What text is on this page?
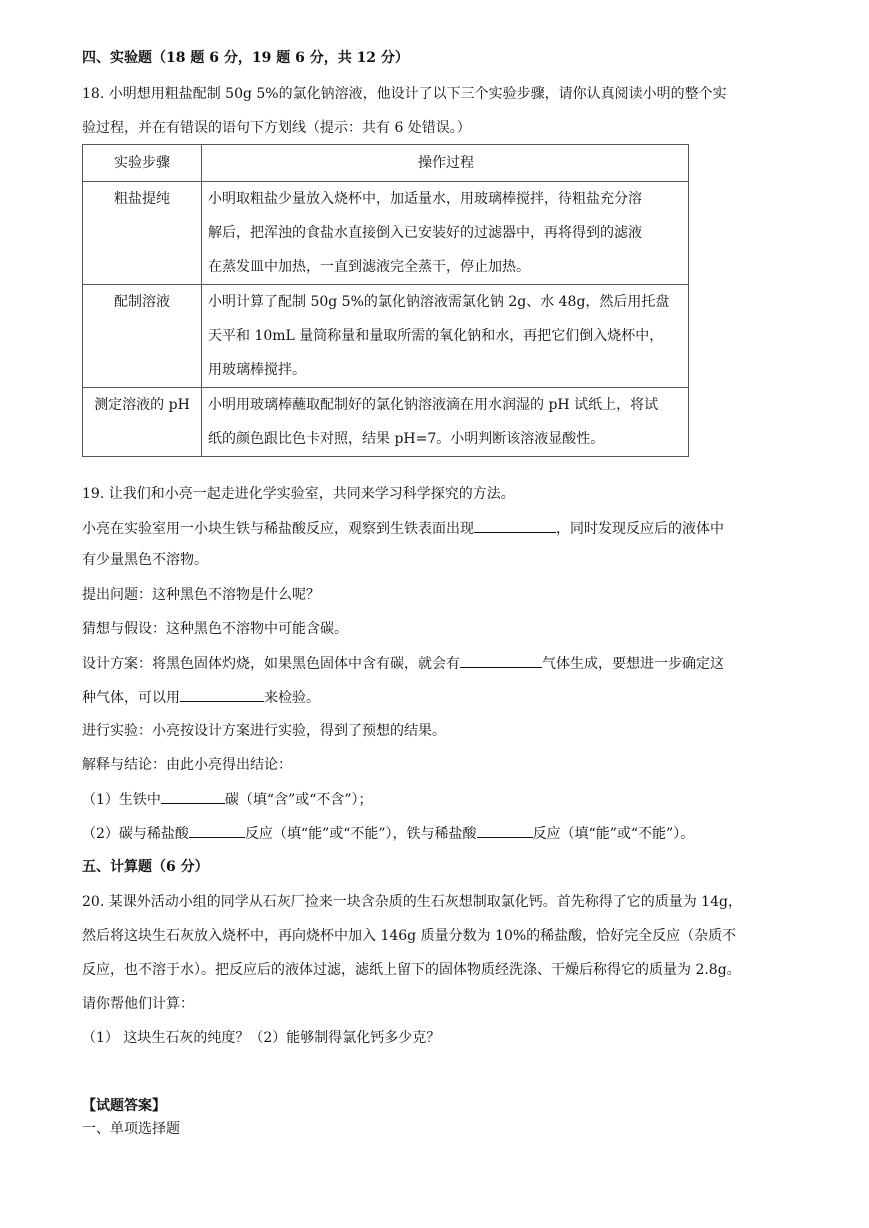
四、实验题（18 题 6 分，19 题 6 分，共 12 分）
18. 小明想用粗盐配制 50g 5%的氯化钠溶液，他设计了以下三个实验步骤，请你认真阅读小明的整个实
验过程，并在有错误的语句下方划线（提示：共有 6 处错误。）
实验步骤	操作过程

粗盐提纯	小明取粗盐少量放入烧杯中，加适量水，用玻璃棒搅拌，待粗盐充分溶
解后，把浑浊的食盐水直接倒入已安装好的过滤器中，再将得到的滤液
在蒸发皿中加热，一直到滤液完全蒸干，停止加热。

配制溶液	小明计算了配制 50g 5%的氯化钠溶液需氯化钠 2g、水 48g，然后用托盘
天平和 10mL 量筒称量和量取所需的氧化钠和水，再把它们倒入烧杯中，
用玻璃棒搅拌。

测定溶液的 pH	小明用玻璃棒蘸取配制好的氯化钠溶液滴在用水润湿的 pH 试纸上，将试
纸的颜色跟比色卡对照，结果 pH=7。小明判断该溶液显酸性。
19. 让我们和小亮一起走进化学实验室，共同来学习科学探究的方法。
小亮在实验室用一小块生铁与稀盐酸反应，观察到生铁表面出现	，同时发现反应后的液体中
有少量黑色不溶物。
提出问题：这种黑色不溶物是什么呢？
猜想与假设：这种黑色不溶物中可能含碳。
设计方案：将黑色固体灼烧，如果黑色固体中含有碳，就会有	气体生成，要想进一步确定这
种气体，可以用	来检验。
进行实验：小亮按设计方案进行实验，得到了预想的结果。
解释与结论：由此小亮得出结论：
（1）生铁中	碳（填“含”或“不含”）；
（2）碳与稀盐酸	反应（填“能”或“不能”），铁与稀盐酸	反应（填“能”或“不能”）。
五、计算题（6 分）
20. 某课外活动小组的同学从石灰厂捡来一块含杂质的生石灰想制取氯化钙。首先称得了它的质量为 14g，
然后将这块生石灰放入烧杯中，再向烧杯中加入 146g 质量分数为 10%的稀盐酸，恰好完全反应（杂质不
反应，也不溶于水）。把反应后的液体过滤，滤纸上留下的固体物质经洗涤、干燥后称得它的质量为 2.8g。
请你帮他们计算：
（1） 这块生石灰的纯度？（2）能够制得氯化钙多少克？
【试题答案】
一、单项选择题
